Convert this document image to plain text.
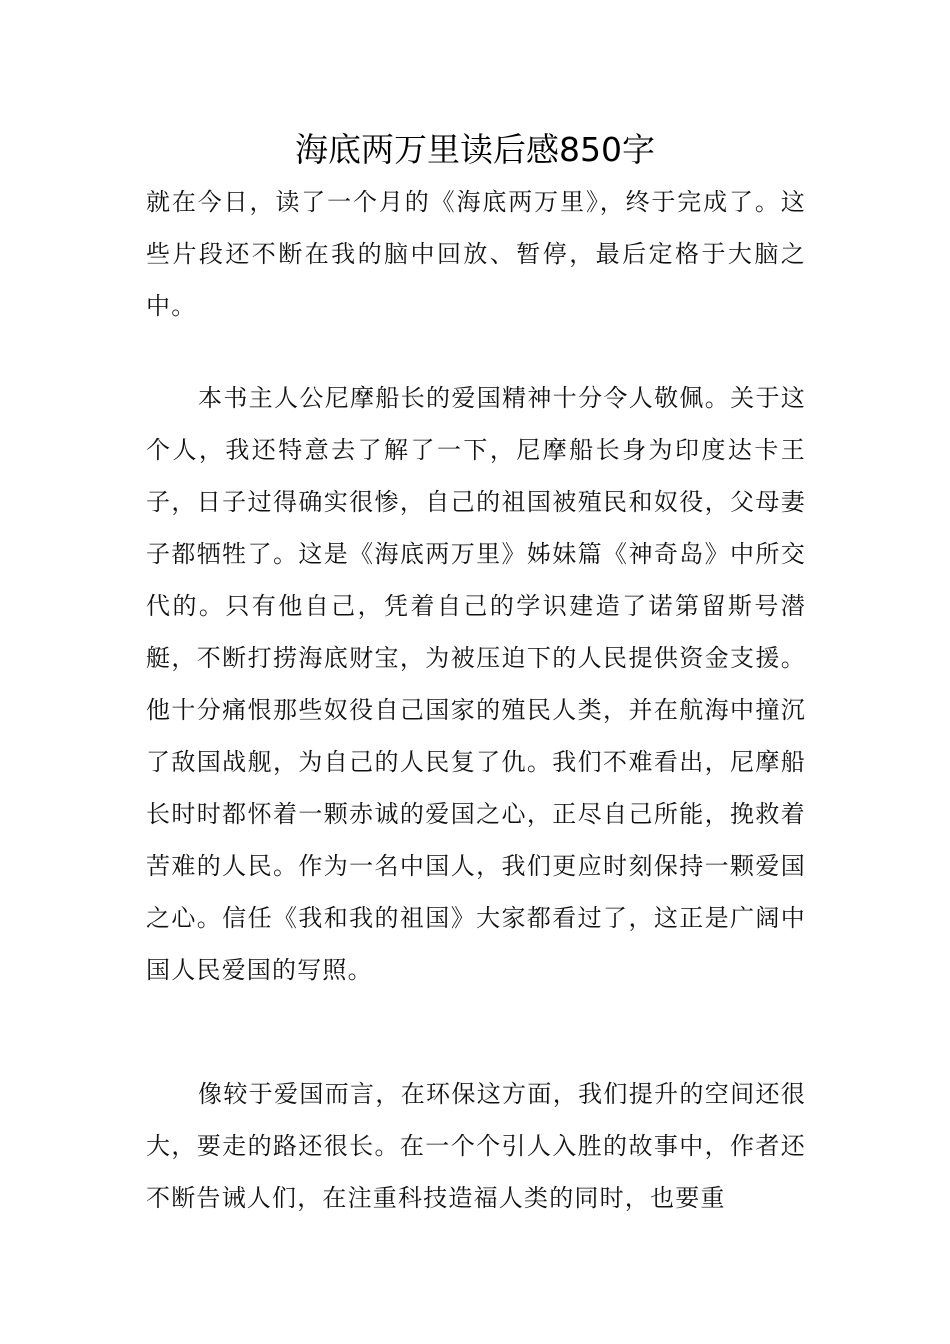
海底两万里读后感850字

就在今日，读了一个月的《海底两万里》，终于完成了。这些片段还不断在我的脑中回放、暂停，最后定格于大脑之中。

本书主人公尼摩船长的爱国精神十分令人敬佩。关于这个人，我还特意去了解了一下，尼摩船长身为印度达卡王子，日子过得确实很惨，自己的祖国被殖民和奴役，父母妻子都牺牲了。这是《海底两万里》姊妹篇《神奇岛》中所交代的。只有他自己，凭着自己的学识建造了诺第留斯号潜艇，不断打捞海底财宝，为被压迫下的人民提供资金支援。他十分痛恨那些奴役自己国家的殖民人类，并在航海中撞沉了敌国战舰，为自己的人民复了仇。我们不难看出，尼摩船长时时都怀着一颗赤诚的爱国之心，正尽自己所能，挽救着苦难的人民。作为一名中国人，我们更应时刻保持一颗爱国之心。信任《我和我的祖国》大家都看过了，这正是广阔中国人民爱国的写照。

像较于爱国而言，在环保这方面，我们提升的空间还很大，要走的路还很长。在一个个引人入胜的故事中，作者还不断告诫人们，在注重科技造福人类的同时，也要重
